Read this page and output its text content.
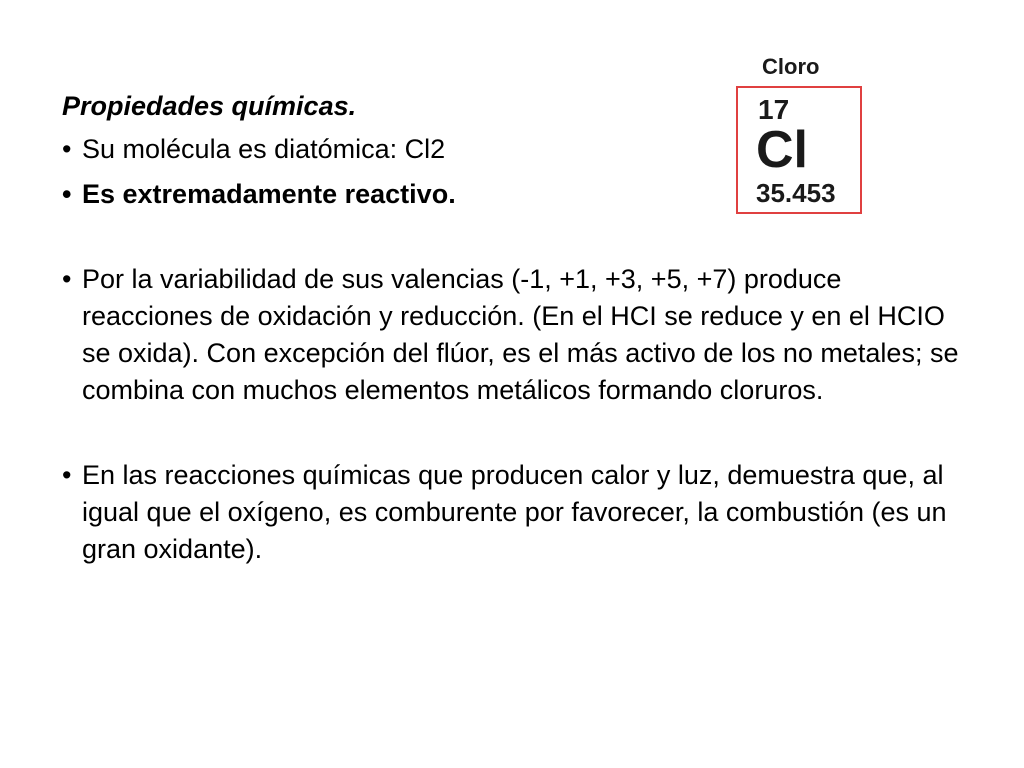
Propiedades químicas.
• Su molécula es diatómica: Cl2
• Es extremadamente reactivo.
• Por la variabilidad de sus valencias (-1, +1, +3, +5, +7) produce reacciones de oxidación y reducción. (En el HCI se reduce y en el HCIO se oxida). Con excepción del flúor, es el más activo de los no metales; se combina con muchos elementos metálicos formando cloruros.
• En las reacciones químicas que producen calor y luz, demuestra que, al igual que el oxígeno, es comburente por favorecer, la combustión (es un gran oxidante).
Cloro
17
Cl
35.453
